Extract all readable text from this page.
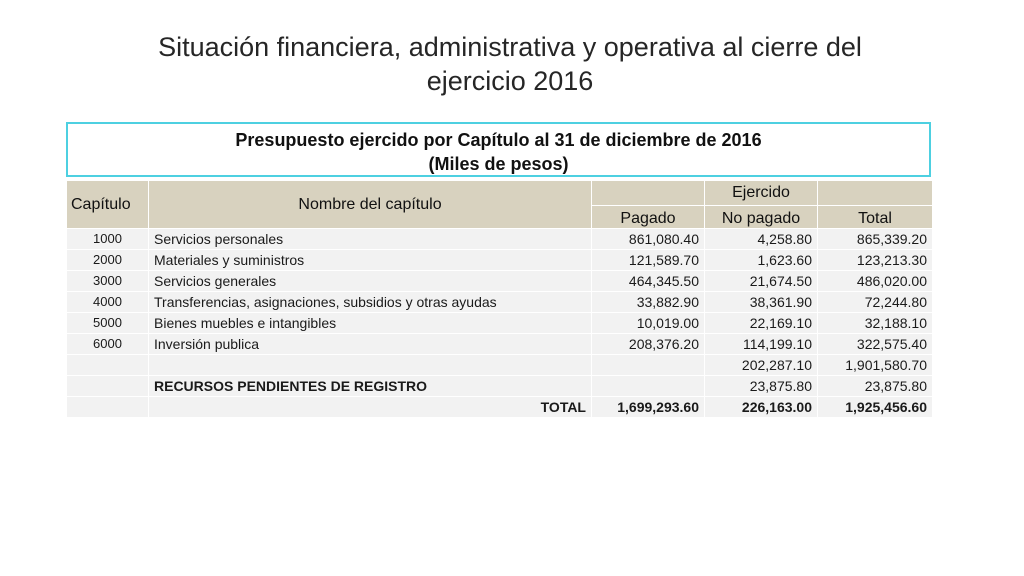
Situación financiera, administrativa y operativa al cierre del
ejercicio 2016
Presupuesto ejercido por Capítulo al 31 de diciembre de 2016
(Miles de pesos)
Capítulo	Nombre del capítulo		Ejercido	
		Pagado	No pagado	Total
1000	Servicios personales	861,080.40	4,258.80	865,339.20
2000	Materiales y suministros	121,589.70	1,623.60	123,213.30
3000	Servicios generales	464,345.50	21,674.50	486,020.00
4000	Transferencias, asignaciones, subsidios y otras ayudas	33,882.90	38,361.90	72,244.80
5000	Bienes muebles e intangibles	10,019.00	22,169.10	32,188.10
6000	Inversión publica	208,376.20	114,199.10	322,575.40
			202,287.10	1,901,580.70
	RECURSOS PENDIENTES DE REGISTRO		23,875.80	23,875.80
	TOTAL	1,699,293.60	226,163.00	1,925,456.60
